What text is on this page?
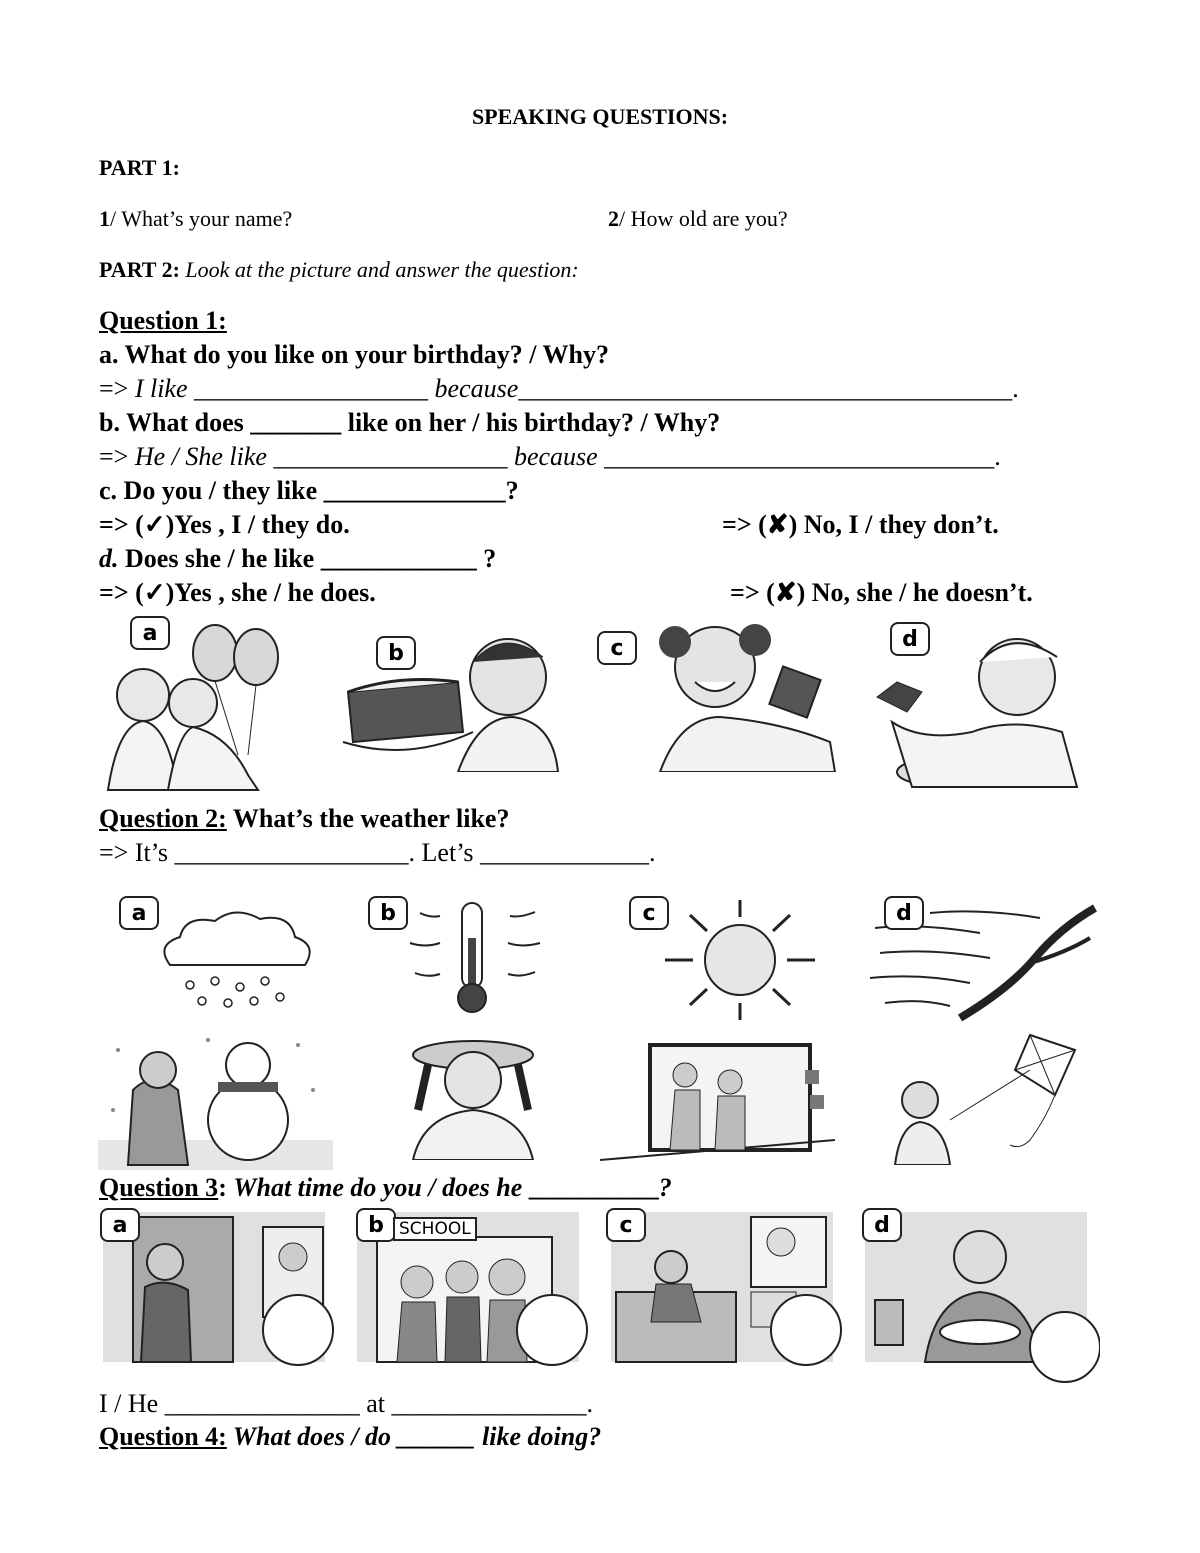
SPEAKING QUESTIONS:
PART 1:
1/ What’s your name?	2/ How old are you?
PART 2: Look at the picture and answer the question:
Question 1:
a. What do you like on your birthday? / Why?
=> I like __________________ because______________________________________.
b. What does _______ like on her / his birthday? / Why?
=> He / She like __________________ because ______________________________.
c. Do you / they like ______________?
=> (✓)Yes , I / they do.	=> (✘) No, I / they don’t.
d. Does she / he like ____________ ?
=> (✓)Yes , she / he does.	=> (✘) No, she / he doesn’t.
a
b	c	d
Question 2: What’s the weather like?
=> It’s __________________. Let’s _____________.
a	b	c	d
Question 3: What time do you / does he __________?
a	b SCHOOL	c	d
I / He _______________ at _______________.
Question 4: What does / do ______ like doing?
